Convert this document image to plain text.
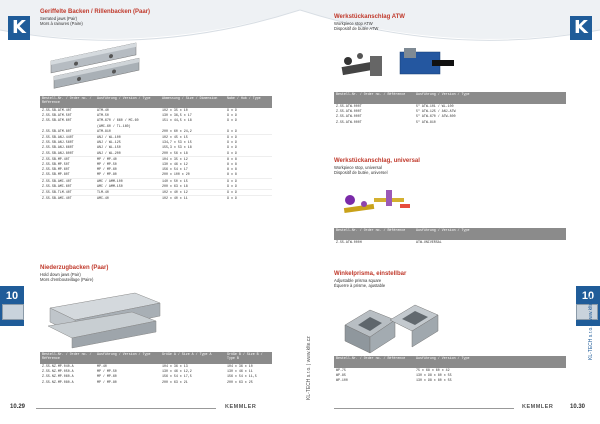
K
Geriffelte Backen / Rillenbacken (Paar)
Serrated jaws (Pair)
Mors à rainures (Paire)
Bestell-Nr. / Order no. / Référence	Ausführung / Version / Type	Abmessung / Size / Dimension	Nabe / Hub / Type
Z.55.SB.ATM.40T	ATM-40	102 x 35 x 10	9 x 9
Z.55.SB.ATM.50T	ATM-50	130 x 36,5 x 17	9 x 9
Z.55.SB.ATM.60T	ATM-670 / 660 / MC-60	151 x 44,5 x 18	9 x 9
	(AMC-60 / TL-160)		
Z.55.SB.ATM.80T	ATM-810	200 x 60 x 24,2	9 x 9
Z.55.SB.ANJ.440T	ANJ / WL-100	102 x 45 x 15	9 x 9
Z.55.SB.ANJ.560T	ANJ / WL-125	134,7 x 53 x 15	9 x 9
Z.55.SB.ANJ.660T	ANJ / WL-150	155,3 x 53 x 18	9 x 9
Z.55.SB.ANJ.800T	ANJ / WL-200	200 x 56 x 18	9 x 9
Z.55.SB.MP.40T	MP / MP-40	104 x 35 x 12	8 x 8
Z.55.SB.MP.50T	MP / MP-50	130 x 46 x 12	8 x 8
Z.55.SB.MP.60T	MP / MP-60	156 x 54 x 17	8 x 8
Z.55.SB.MP.80T	MP / MP-80	200 x 100 x 20	8 x 8
Z.55.SB.AMC.40T	AMC / AMM-100	140 x 50 x 15	9 x 9
Z.55.SB.AMC.60T	AMC / AMM-150	200 x 63 x 18	9 x 9
Z.55.SB.TLM.40T	TLM-40	102 x 40 x 12	9 x 9
Z.55.SB.AMC.40T	AMC-40	102 x 40 x 11	9 x 9
Niederzugbacken (Paar)
Hold down jaws (Pair)
Mors d'embouteillage (Paire)
Bestell-Nr. / Order no. / Référence	Ausführung / Version / Type	Größe A / Size A / Type A	Größe B / Size B / Type B
Z.55.NZ.MP.040.A	MP-40	104 x 36 x 13	104 x 36 x 10
Z.55.NZ.MP.050.A	MP / MP-50	130 x 46 x 12,2	130 x 46 x 11
Z.55.NZ.MP.060.A	MP / MP-60	156 x 54 x 17,5	156 x 54 x 11,5
Z.55.NZ.MP.080.A	MP / MP-80	200 x 63 x 21	200 x 63 x 25
10
10.29	KEMMLER
K
KL-TECH s.r.o. | www.klte.cz
Werkstückanschlag ATW
Workpiece stop ATW
Dispositif de butée ATW
Bestell-Nr. / Order no. / Référence	Ausführung / Version / Type
Z.55.ATW.000T	5" ATW-101 / WL-100
Z.55.ATW.000T	5" ATW-125 / ANJ-ATW
Z.55.ATW.000T	5" ATW-670 / ATW-800
Z.55.ATW.000T	5" ATW-810
Werkstückanschlag, universal
Workpiece stop, universal
Dispositif de butée, universel
Bestell-Nr. / Order no. / Référence	Ausführung / Version / Type
Z.55.ATW.000H	ATW-UNIVERSAL
Winkelprisma, einstellbar
Adjustable prisma square
Équerre à prisme, ajustable
Bestell-Nr. / Order no. / Référence	Ausführung / Version / Type
WP-75	75 x 68 x 60 x 42
WP-85	130 x 98 x 80 x 55
WP-100	130 x 98 x 80 x 55
10
KL-TECH s.r.o. | www.klte.cz
KEMMLER	10.30
